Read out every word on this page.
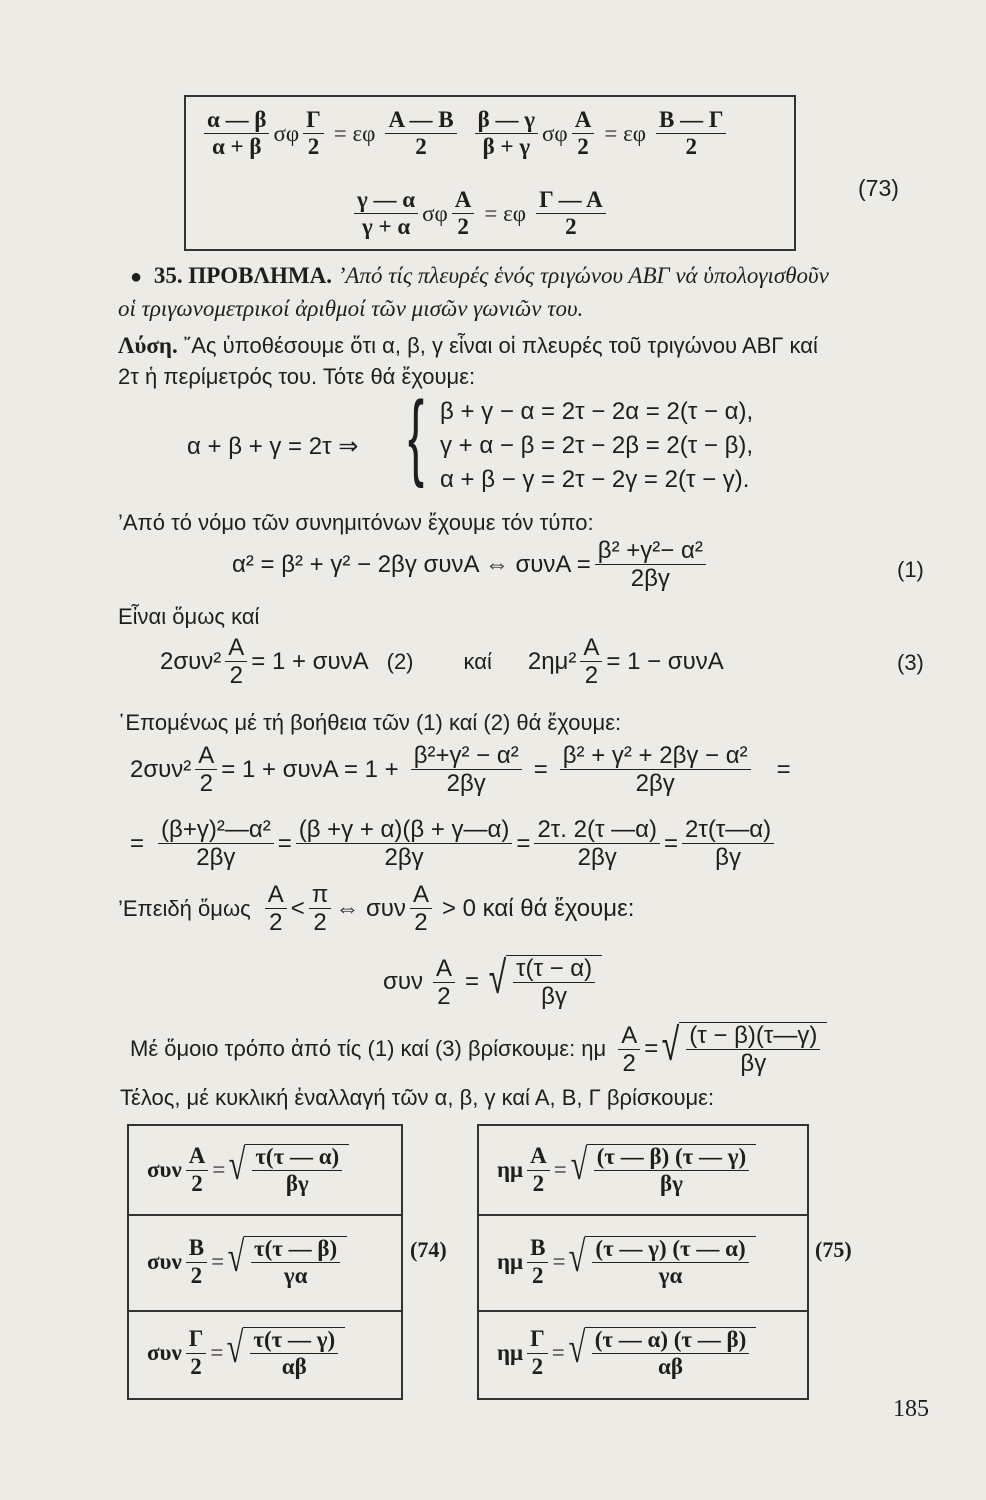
$\frac{\alpha — \beta}{\alpha + \beta}$ σφ $\frac{\Gamma}{2} = \varepsilon\varphi \frac{A — B}{2} \frac{\beta — \gamma}{\beta + \gamma}$ σφ $\frac{A}{2} = \varepsilon\varphi \frac{B — \Gamma}{2}$
$\frac{\gamma — \alpha}{\gamma + \alpha}$ σφ $\frac{A}{2} = \varepsilon\varphi \frac{\Gamma — A}{2}$	(73)
● 35. ΠΡΟΒΛΗΜΑ. ’Από τίς πλευρές ἑνός τριγώνου ΑΒΓ νά ὑπολογισθοῦν
οἱ τριγωνομετρικοί ἀριθμοί τῶν μισῶν γωνιῶν του.
Λύση. ῎Ας ὑποθέσουμε ὅτι α, β, γ εἶναι οἱ πλευρές τοῦ τριγώνου ΑΒΓ καί
2τ ἡ περίμετρός του. Τότε θά ἔχουμε:
α + β + γ = 2τ ⇒ { β + γ − α = 2τ − 2α = 2(τ − α),
γ + α − β = 2τ − 2β = 2(τ − β),
α + β − γ = 2τ − 2γ = 2(τ − γ).
’Από τό νόμο τῶν συνημιτόνων ἔχουμε τόν τύπο:
α² = β² + γ² − 2βγ συνΑ ⇔ $\sigma\upsilon\nu A = \frac{\text{β² +γ²− α²}}{2\beta\gamma}$	(1)
Εἶναι ὅμως καί
$2\sigma\upsilon\nu^2 \frac{A}{2} = 1 + \sigma\upsilon\nu A$ (2) καί $2\eta\mu^2 \frac{A}{2} = 1 - \sigma\upsilon\nu A$	(3)
῾Επομένως μέ τή βοήθεια τῶν (1) καί (2) θά ἔχουμε:
$2\sigma\upsilon\nu^2 \frac{A}{2} = 1 + \sigma\upsilon\nu A = 1 + \frac{\text{β²+γ² − α²}}{2\beta\gamma} = \frac{\text{β² + γ² + 2βγ − α²}}{2\beta\gamma}$ =
= $\frac{\text{(β+γ)²—α²}}{2\beta\gamma} = \frac{(\beta +\gamma + \alpha)(\beta + \gamma—\alpha)}{2\beta\gamma} = \frac{2\tau. 2(\tau —\alpha)}{2\beta\gamma} = \frac{2\tau(\tau—\alpha)}{\beta\gamma}$
’Επειδή ὅμως $\frac{A}{2} < \frac{\pi}{2}$ ⇔ συν $\frac{A}{2} > 0$ καί θά ἔχουμε:
συν $\frac{A}{2}$ = √ $\frac{\tau(\tau - \alpha)}{\beta\gamma}$
Μέ ὅμοιο τρόπο ἀπό τίς (1) καί (3) βρίσκουμε: ημ $\frac{A}{2}$ = √ $\frac{(\tau - \beta)(\tau—\gamma)}{\beta\gamma}$
Τέλος, μέ κυκλική ἐναλλαγή τῶν α, β, γ καί Α, Β, Γ βρίσκουμε:
συν $\frac{A}{2}$ = √ $\frac{\tau(\tau — \alpha)}{\beta\gamma}$
συν $\frac{B}{2}$ = √ $\frac{\tau(\tau — \beta)}{\gamma\alpha}$
συν $\frac{\Gamma}{2}$ = √ $\frac{\tau(\tau — \gamma)}{\alpha\beta}$
(74)
ημ $\frac{A}{2}$ = √ $\frac{(\tau — \beta) (\tau — \gamma)}{\beta\gamma}$
ημ $\frac{B}{2}$ = √ $\frac{(\tau — \gamma) (\tau — \alpha)}{\gamma\alpha}$
ημ $\frac{\Gamma}{2}$ = √ $\frac{(\tau — \alpha) (\tau — \beta)}{\alpha\beta}$
(75)
185
